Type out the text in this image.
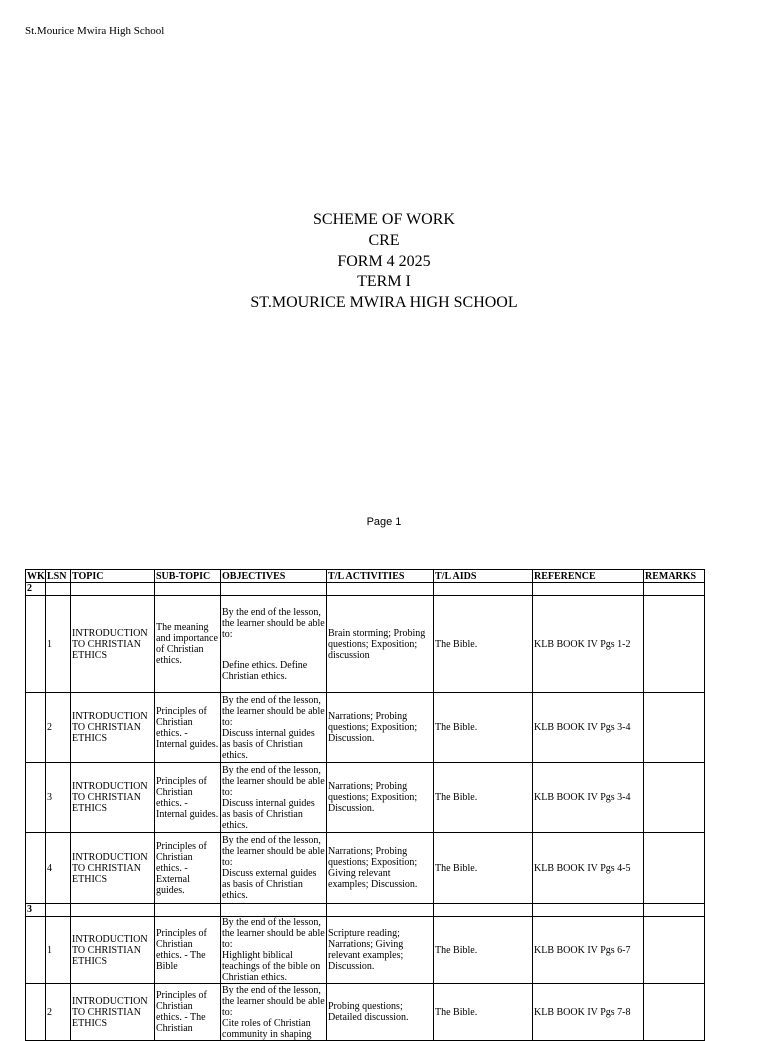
St.Mourice Mwira High School
SCHEME OF WORK
CRE
FORM 4 2025
TERM I
ST.MOURICE MWIRA HIGH SCHOOL
Page 1
WK	LSN	TOPIC	SUB-TOPIC	OBJECTIVES	T/L ACTIVITIES	T/L AIDS	REFERENCE	REMARKS
2								
	1	INTRODUCTION TO CHRISTIAN ETHICS	The meaning and importance of Christian ethics.	By the end of the lesson, the learner should be able to:
Define ethics. Define Christian ethics.	Brain storming; Probing questions; Exposition; discussion	The Bible.	KLB BOOK IV Pgs 1-2	
	2	INTRODUCTION TO CHRISTIAN ETHICS	Principles of Christian ethics. - Internal guides.	By the end of the lesson, the learner should be able to:
Discuss internal guides as basis of Christian ethics.	Narrations; Probing questions; Exposition; Discussion.	The Bible.	KLB BOOK IV Pgs 3-4	
	3	INTRODUCTION TO CHRISTIAN ETHICS	Principles of Christian ethics. - Internal guides.	By the end of the lesson, the learner should be able to:
Discuss internal guides as basis of Christian ethics.	Narrations; Probing questions; Exposition; Discussion.	The Bible.	KLB BOOK IV Pgs 3-4	
	4	INTRODUCTION TO CHRISTIAN ETHICS	Principles of Christian ethics. - External guides.	By the end of the lesson, the learner should be able to:
Discuss external guides as basis of Christian ethics.	Narrations; Probing questions; Exposition; Giving relevant examples; Discussion.	The Bible.	KLB BOOK IV Pgs 4-5	
3								
	1	INTRODUCTION TO CHRISTIAN ETHICS	Principles of Christian ethics. - The Bible	By the end of the lesson, the learner should be able to:
Highlight biblical teachings of the bible on Christian ethics.	Scripture reading; Narrations; Giving relevant examples; Discussion.	The Bible.	KLB BOOK IV Pgs 6-7	
	2	INTRODUCTION TO CHRISTIAN ETHICS	Principles of Christian ethics. - The Christian	By the end of the lesson, the learner should be able to:
Cite roles of Christian community in shaping	Probing questions; Detailed discussion.	The Bible.	KLB BOOK IV Pgs 7-8	
